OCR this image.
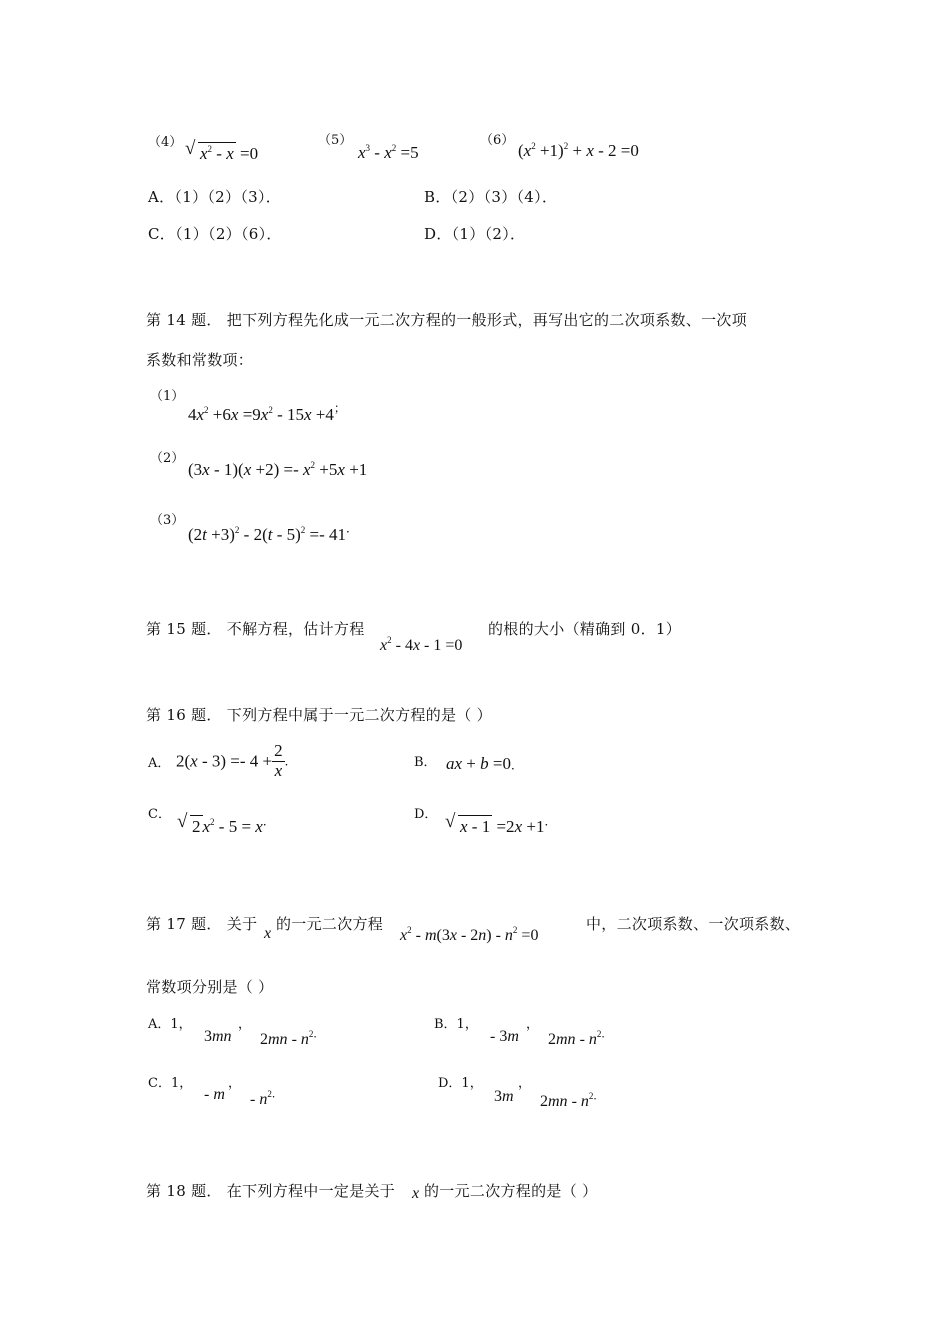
（4）
√ $x^2 - x =0$
（5）
$x^3 - x^2 =5$
（6）
$(x^2 +1)^2 + x - 2 =0$
A．（1）（2）（3）．	B．（2）（3）（4）．
C．（1）（2）（6）．	D．（1）（2）．
第 14 题． 把下列方程先化成一元二次方程的一般形式，再写出它的二次项系数、一次项
系数和常数项：
（1）
$4x^2 +6x =9x^2 - 15x +4^;$
（2）
$(3x - 1)(x +2) =- x^2 +5x +1$
（3）
$(2t +3)^2 - 2(t - 5)^2 =- 41^.$
第 15 题． 不解方程，估计方程
$x^2 - 4x - 1 =0$
的根的大小（精确到 0．1）
第 16 题． 下列方程中属于一元二次方程的是（ ）
A． $2(x - 3) =- 4 + \frac{2}{x}$ ．	B． ax + b =0．
C．
√ 2 $x^2 - 5 = x^.$	D．
√ x - 1 =2x +1．
第 17 题． 关于
x
的一元二次方程
$x^2 - m(3x - 2n) - n^2 =0$
中，二次项系数、一次项系数、
常数项分别是（ ）
A．1，
3mn
，
$2mn - n^{2.}$
B．1，
- 3m
，
$2mn - n^{2.}$
C．1，
- m
，
- $n^{2.}$
D．1，
3m
，
$2mn - n^{2.}$
第 18 题． 在下列方程中一定是关于 x 的一元二次方程的是（ ）
